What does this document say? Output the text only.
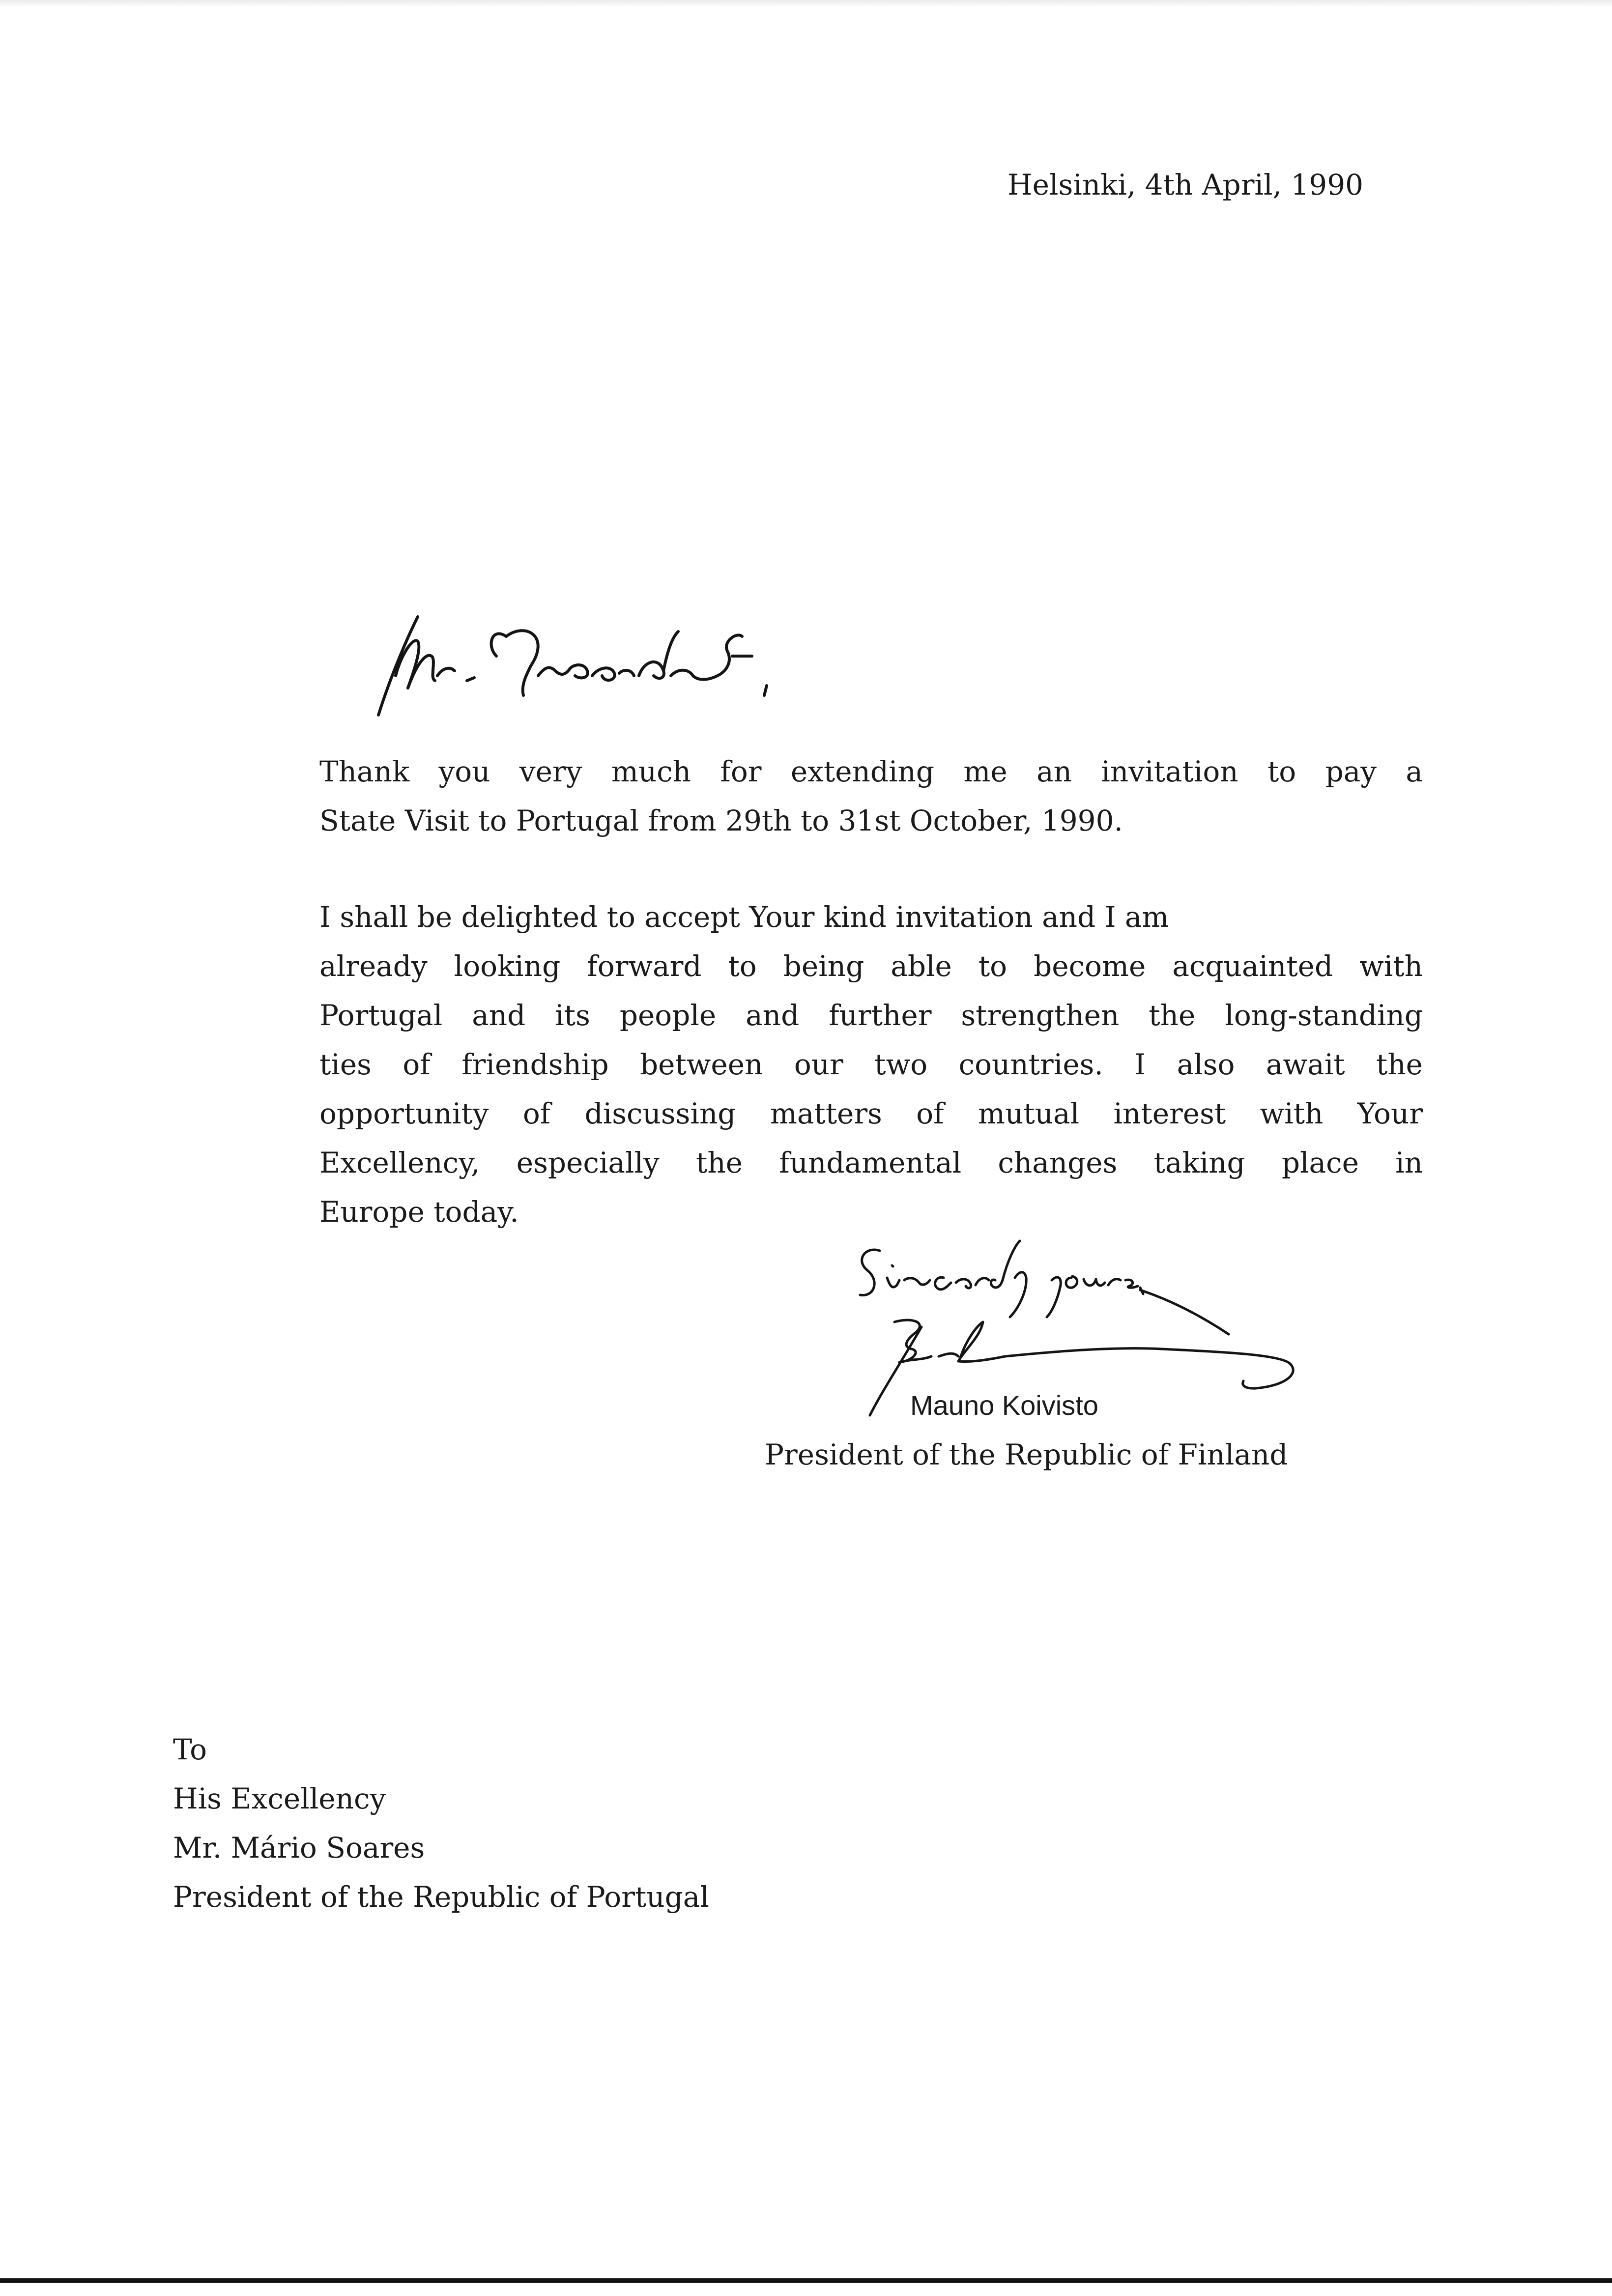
Helsinki, 4th April, 1990

Thank you very much for extending me an invitation to pay a
State Visit to Portugal from 29th to 31st October, 1990.
I shall be delighted to accept Your kind invitation and I am
already looking forward to being able to become acquainted with
Portugal and its people and further strengthen the long-standing
ties of friendship between our two countries. I also await the
opportunity of discussing matters of mutual interest with Your
Excellency, especially the fundamental changes taking place in
Europe today.

Mauno Koivisto

President of the Republic of Finland

To
His Excellency
Mr. Mário Soares
President of the Republic of Portugal
